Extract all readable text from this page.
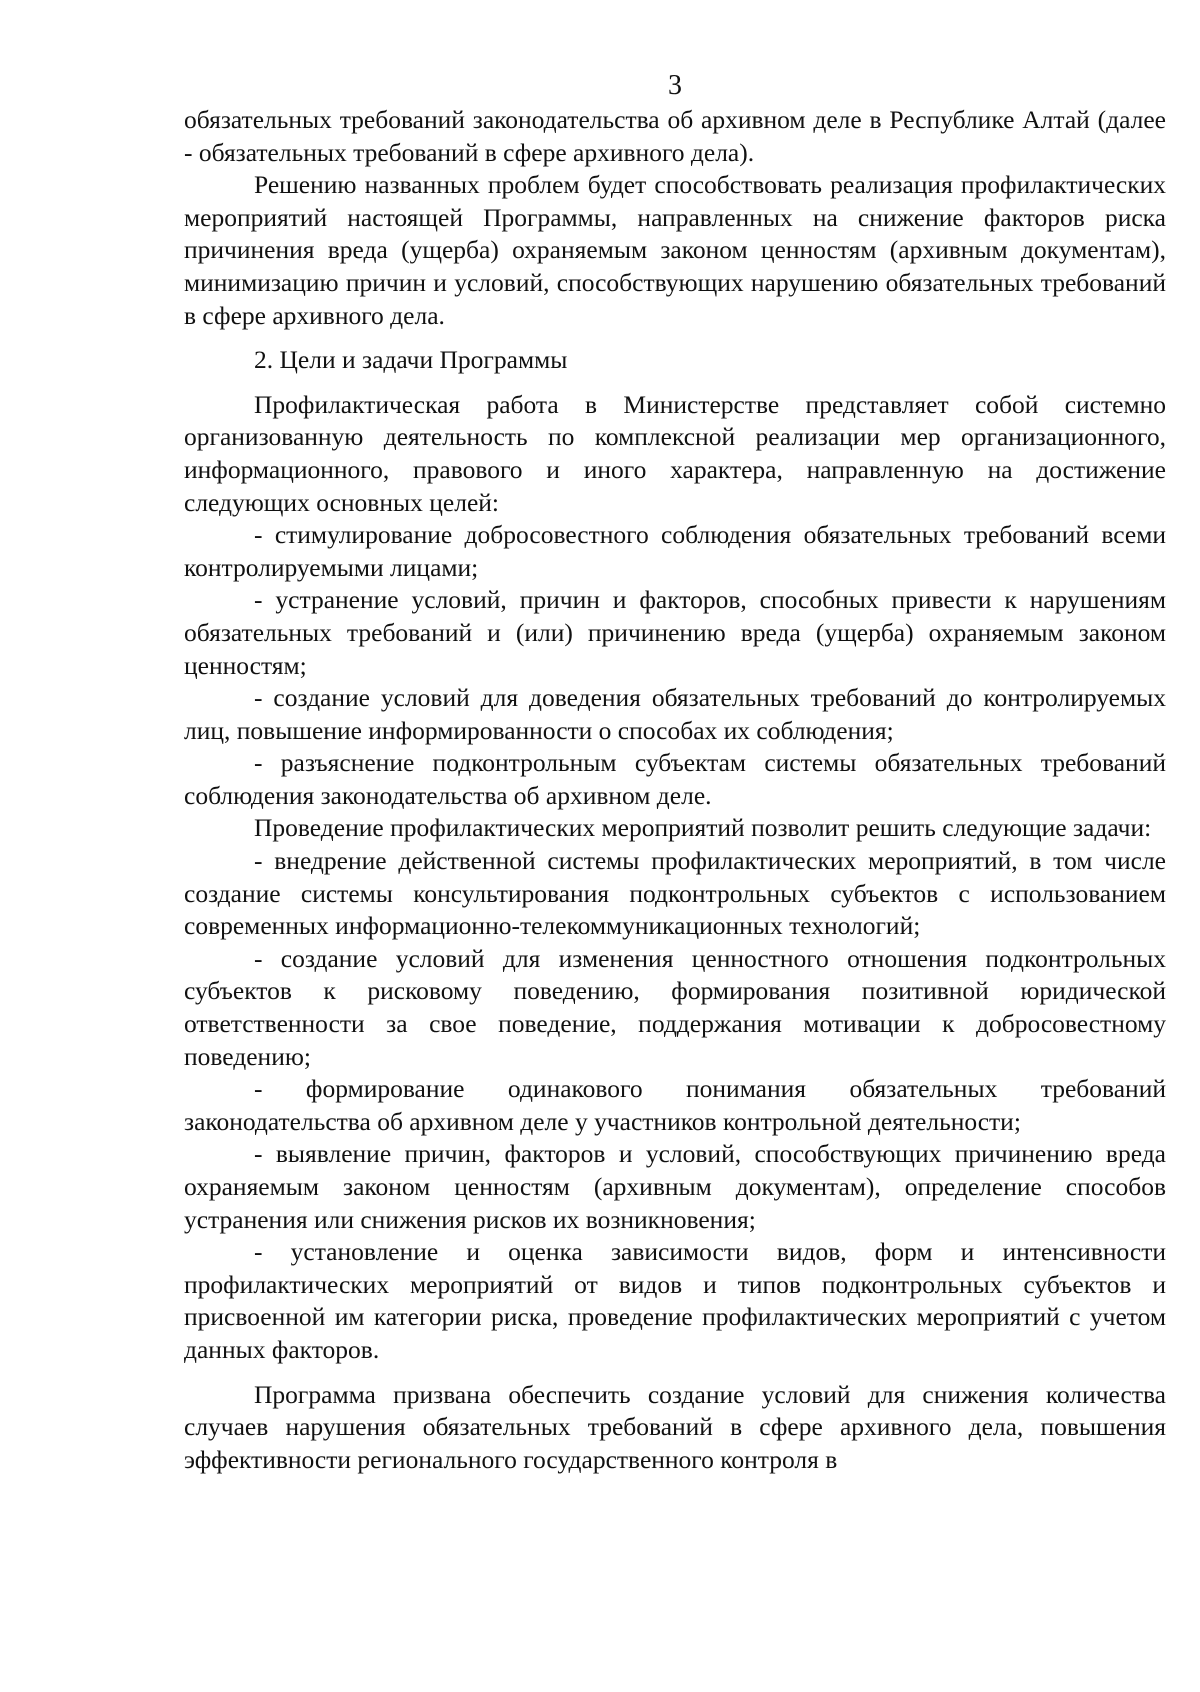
3

обязательных требований законодательства об архивном деле в Республике Алтай (далее - обязательных требований в сфере архивного дела).

Решению названных проблем будет способствовать реализация профилактических мероприятий настоящей Программы, направленных на снижение факторов риска причинения вреда (ущерба) охраняемым законом ценностям (архивным документам), минимизацию причин и условий, способствующих нарушению обязательных требований в сфере архивного дела.

2. Цели и задачи Программы

Профилактическая работа в Министерстве представляет собой системно организованную деятельность по комплексной реализации мер организационного, информационного, правового и иного характера, направленную на достижение следующих основных целей:

- стимулирование добросовестного соблюдения обязательных требований всеми контролируемыми лицами;

- устранение условий, причин и факторов, способных привести к нарушениям обязательных требований и (или) причинению вреда (ущерба) охраняемым законом ценностям;

- создание условий для доведения обязательных требований до контролируемых лиц, повышение информированности о способах их соблюдения;

- разъяснение подконтрольным субъектам системы обязательных требований соблюдения законодательства об архивном деле.

Проведение профилактических мероприятий позволит решить следующие задачи:

- внедрение действенной системы профилактических мероприятий, в том числе создание системы консультирования подконтрольных субъектов с использованием современных информационно-телекоммуникационных технологий;

- создание условий для изменения ценностного отношения подконтрольных субъектов к рисковому поведению, формирования позитивной юридической ответственности за свое поведение, поддержания мотивации к добросовестному поведению;

- формирование одинакового понимания обязательных требований законодательства об архивном деле у участников контрольной деятельности;

- выявление причин, факторов и условий, способствующих причинению вреда охраняемым законом ценностям (архивным документам), определение способов устранения или снижения рисков их возникновения;

- установление и оценка зависимости видов, форм и интенсивности профилактических мероприятий от видов и типов подконтрольных субъектов и присвоенной им категории риска, проведение профилактических мероприятий с учетом данных факторов.

Программа призвана обеспечить создание условий для снижения количества случаев нарушения обязательных требований в сфере архивного дела, повышения эффективности регионального государственного контроля в
